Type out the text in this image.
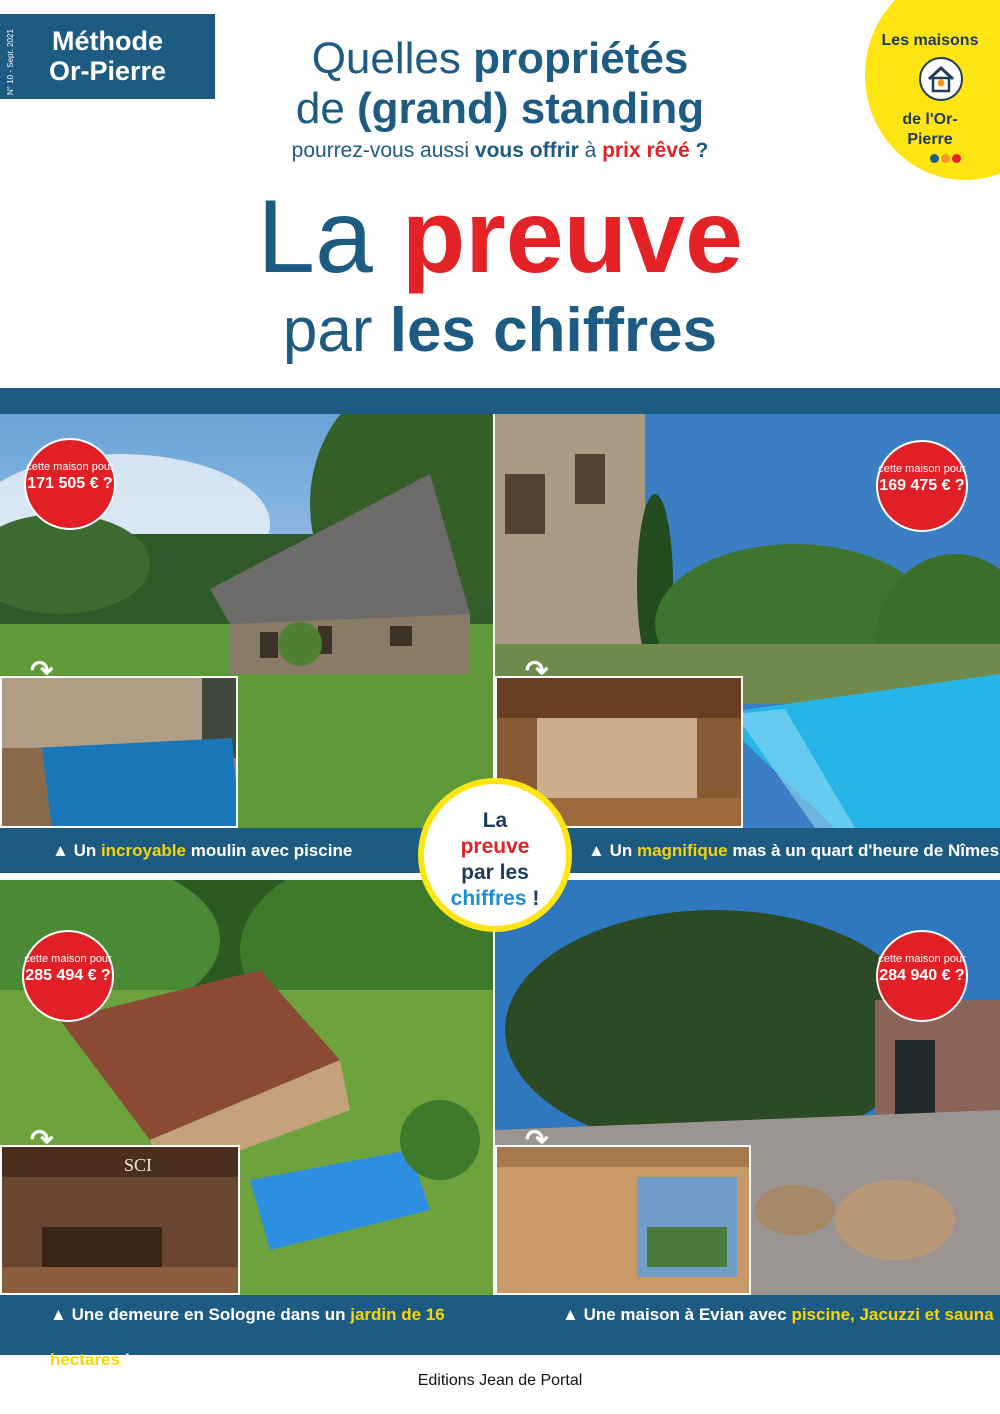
Méthode
Or-Pierre
N° 10 - Sept. 2021	Quelles propriétés
de (grand) standing
pourrez-vous aussi vous offrir à prix rêvé ?
La preuve
par les chiffres
Les maisons
de l'Or-
Pierre
↷
cette maison pour
171 505 € ?
↷
cette maison pour
169 475 € ?
▲ Un incroyable moulin avec piscine	▲ Un magnifique mas à un quart d'heure de Nîmes
SCI
↷
cette maison pour
285 494 € ?
↷
cette maison pour
284 940 € ?
▲ Une demeure en Sologne dans un jardin de 16 hectares !
▲ Une maison à Evian avec piscine, Jacuzzi et sauna
La
preuve
par les
chiffres !
Editions Jean de Portal
